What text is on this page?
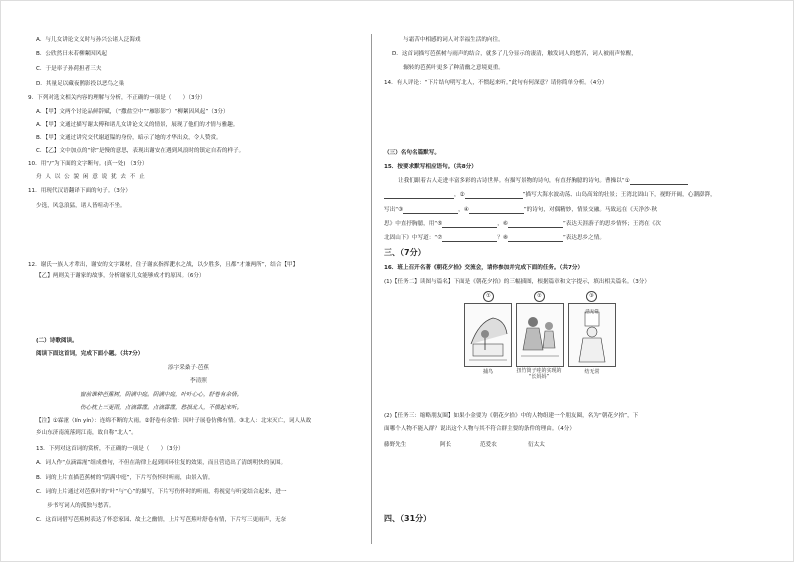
A．与儿女讲论文义时与孙兴公诸人泛海戏
B．公欣然曰未若柳絮因风起
C．于是率子孙荷担者三夫
D．其量足以藏夜鹊影投以恶鸟之巢
9．下列对选文相关内容的理解与分析，不正确的一项是（　　）（3分）
A．【甲】文两个讨论品鲜辞赋，（“撒盐空中”“雁影影”）“柳絮因风起”（3分）
A．【甲】文通过描写谢太傅和诸儿女讲论文义的情景，展现了他们的才情与雅趣。
B．【甲】文通过讲究交代谢道韫的身份，暗示了她的才华出众，令人赞赏。
C．【乙】文中加点的“徐”是慢的意思，表现出谢安在遇到风浪时的镇定自若的样子。
10．用“/”为下面的文字断句。(真一处) （3分）
舟 人 以 公 貌 闲 意 说 犹 去 不 止
11．用现代汉语翻译下面的句子。（3分）
少选，风急浪猛，诸人皆喧动不坐。
12．谢氏一族人才辈出，谢安的文字课材，住子谢玄指挥淝水之战，以少胜多，且都“才兼两所”，结合【甲】
【乙】两则关于谢家的故事，分析谢家儿女能够成才的原因。（6分）
(二）诗歌阅读。
阅读下面这首词，完成下面小题。（共7分）
添字采桑子·芭蕉
李清照
窗前谁种芭蕉树，阴满中庭。阴满中庭，叶叶心心，舒卷有余情。
伤心枕上三更雨，点滴霖霪。点滴霖霪，愁损北人，不惯起来听。
【注】①霖霪（lín yín）：连绵不断的大雨。②舒卷有余情：因叶子展卷仿佛有情。③北人：北宋灭亡，词人从故
乡山东济南流落到江南，故自称“北人”。
13．下列对这首词的赏析，不正确的一项是（　　）（3分）
A．词人作“点滴霖霪”组成叠句，不但在韵律上起到回环往复的效果，而且营造出了清朗明快的氛围。
B．词的上片直描芭蕉树的“阴满中庭”，下片写伤怀时听雨，由景入情。
C．词的上片通过对芭蕉叶的“叶”与“心”的描写，下片写伤怀时的听雨，将视觉与听觉结合起来，进一
　　步书写词人的孤独与愁苦。
C．这首词借写芭蕉树表达了怀恋家园、故土之幽情，上片写芭蕉叶舒卷有情，下片写三更雨声，无奈
与霜苦中相感的词人对幸福生活的向往。
D．这首词描写芭蕉树与雨声的结合，就多了几分显示的凄清，触发词人的愁苦，词人被雨声惊醒，
　　辗转的芭蕉叶更多了种清幽之意境更重。
14．有人评论：“下片结句明写北人，不惯起来听。”此句有何深意？请你简单分析。（4分）
（三）名句名篇默写。
15．按要求默写相应语句。（共8分）
让我们跟着古人走进丰富多彩的古诗世界。有描写景物的诗句，有直抒胸臆的诗句。曹操以“①
，②	”描写大海水波动荡、山岛高耸的壮景；王湾北固山下，视野开阔，心潮澎湃，
写出“③	，④	”的诗句，对偶精妙，情景交融。马致远在《天净沙·秋
思》中直抒胸臆，用“⑤	，⑥	”表达天涯游子的思乡情怀；王湾在《次
北固山下》中写道：“⑦	？⑧	”表达思乡之情。
三、（7分）
16．班上召开名著《朝花夕拾》交流会，请你参加并完成下面的任务。（共7分）
(1)【任务二】读图与篇名】下面是《朝花夕拾》的三幅插图，根据篇章和文字提示，填出相关篇名。（3分）
①	②	③
活无常
捕鸟	扭竹筒子哇的实现的
“长妈妈”
结无常
(2)【任务三：缩略朋友圈】如果小金要为《朝花夕拾》中的人物组建一个朋友圈，名为“朝花夕拾”，下
面哪个人物不能入群？说出这个人物与其不符合群主要的条件的理由。（4分）
藤野先生	阿长	范爱农	衍太太
四、（31分）
